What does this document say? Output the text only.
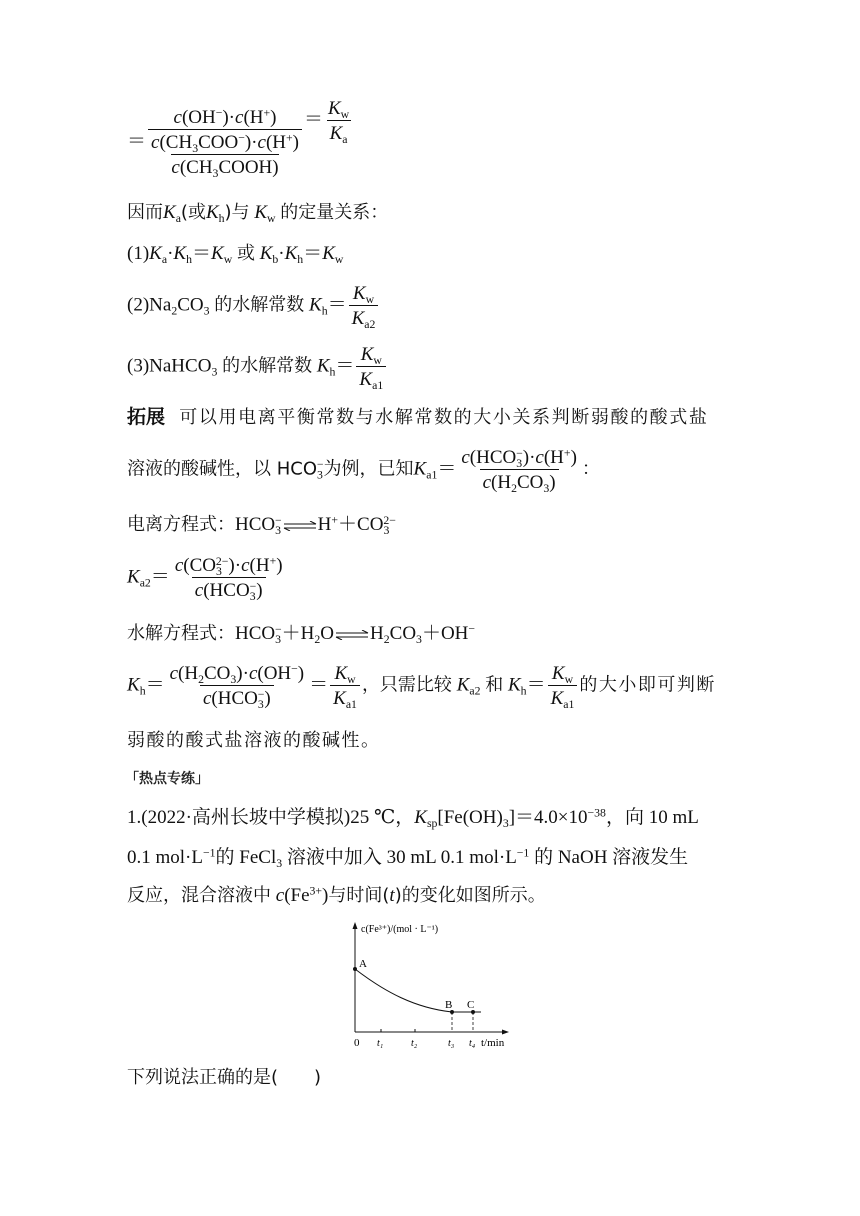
＝ c(OH−)·c(H+)
$c(CH_3COO^-)\cdot c(H^+)$
$c(CH_3COOH) = \frac{K_w}{K_a}$
因而$K_a$(或$K_h$)与 $K_w$ 的定量关系：
$(1)K_a\cdot K_h=K_w$ 或 $K_b\cdot K_h=K_w$
$(2)Na_2CO_3$ 的水解常数 $K_h= \frac{K_w}{K_{a2}}$
(3)NaHCO$_3$ 的水解常数 $K_h= \frac{K_w}{K_{a1}}$
拓展 可以用电离平衡常数与水解常数的大小关系判断弱酸的酸式盐
溶液的酸碱性，以 $HCO_3^-$为例，已知$K_{a1}= \frac{c(HCO_3^-)\cdot c(H^+)}{c(H_2CO_3)}$ ：
电离方程式：$HCO_3^-\rightleftharpoons H^++CO_3^{2-}$
$K_{a2}= \frac{c(CO_3^{2-})\cdot c(H^+)}{c(HCO_3^-)}$
水解方程式：$HCO_3^-+H_2O\rightleftharpoons H_2CO_3+OH^-$
$K_h= \frac{c(H_2CO_3)\cdot c(OH^-)}{c(HCO_3^-)} = \frac{K_w}{K_{a1}}$ ，只需比较 $K_{a2}$ 和 $K_h= \frac{K_w}{K_{a1}}$ 的大小即可判断
弱酸的酸式盐溶液的酸碱性。
「热点专练」
1.(2022·高州长坡中学模拟)25 ℃，$K_{sp}[Fe(OH)_3]=4.0\times 10^{-38}$，向 10 mL
0.1 $mol\cdot L^{-1}$的 FeCl$_3$ 溶液中加入 30 mL 0.1 $mol\cdot L^{-1}$ 的 NaOH 溶液发生
反应，混合溶液中 $c(Fe^{3+})$与时间(t)的变化如图所示。
c(Fe³⁺)/(mol · L⁻¹)
A
B C
0 t₁	t₂	t₃ t₄ t/min
下列说法正确的是(　　)
